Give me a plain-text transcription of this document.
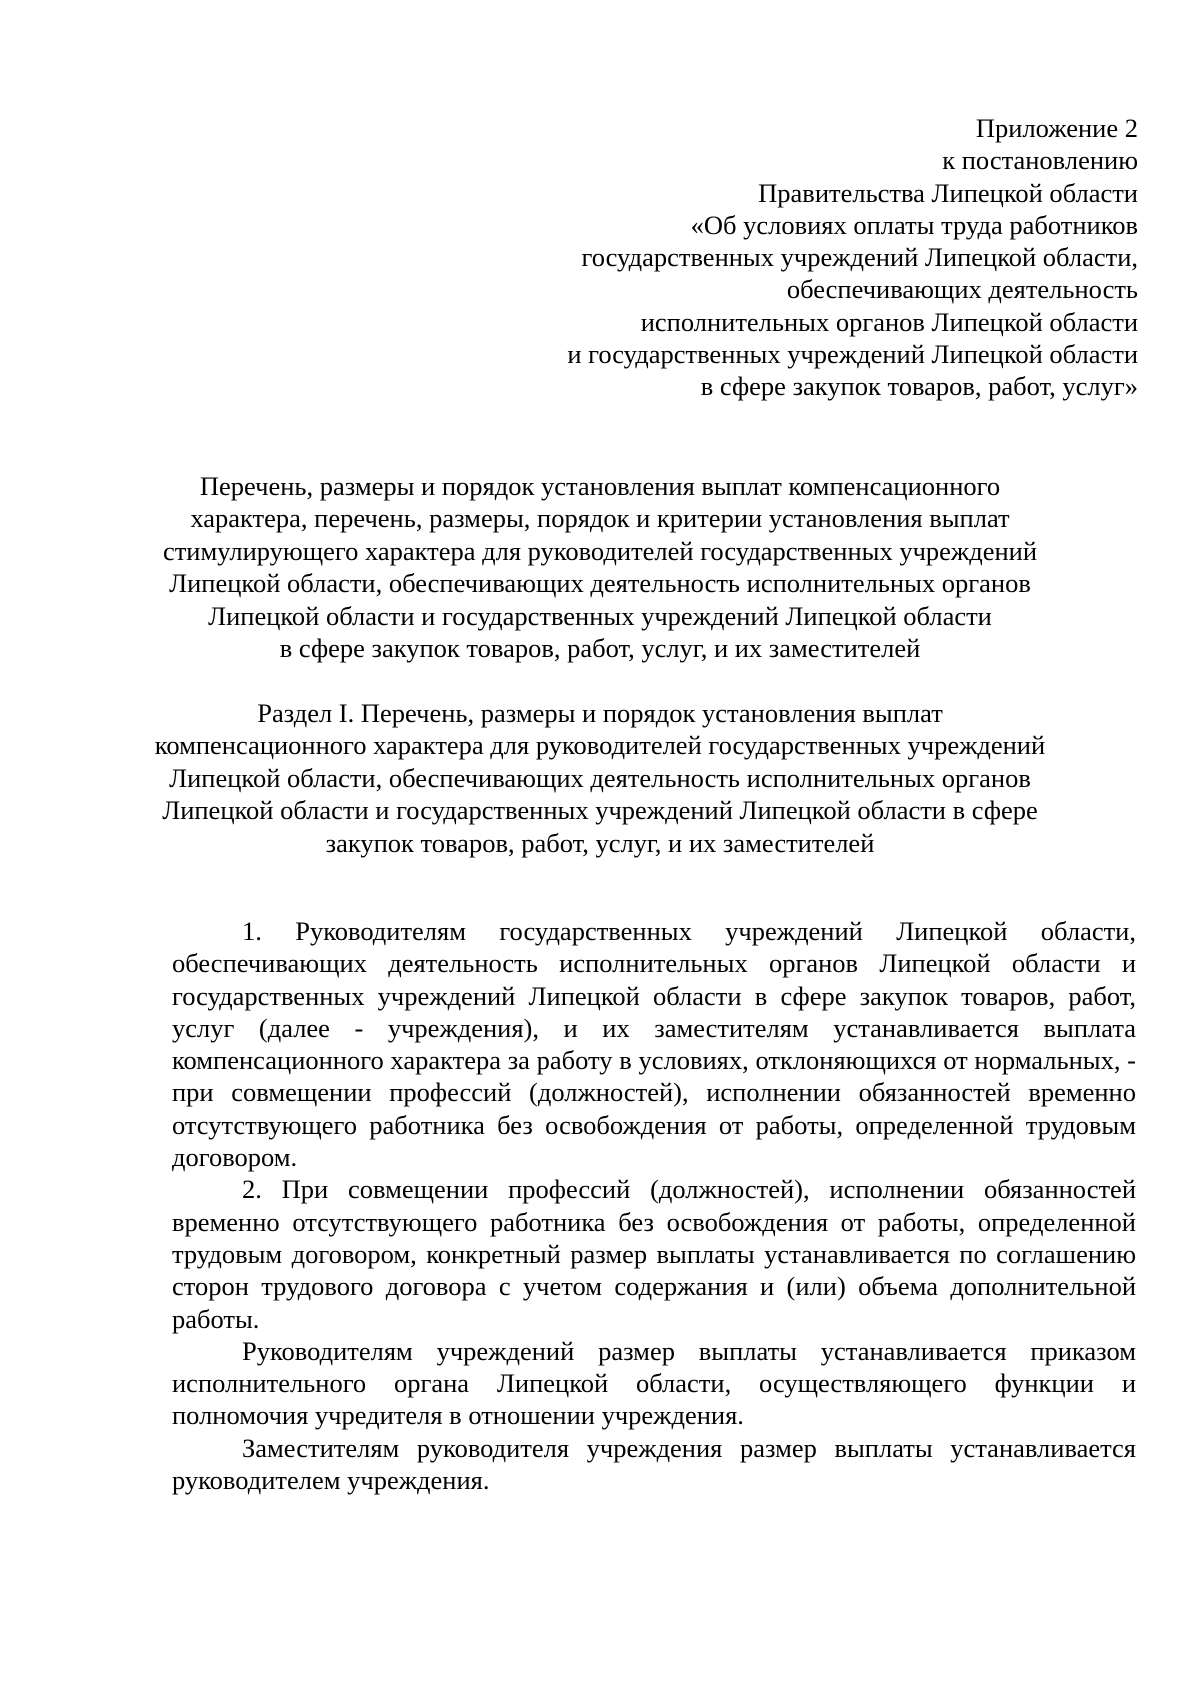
Приложение 2
к постановлению
Правительства Липецкой области
«Об условиях оплаты труда работников
государственных учреждений Липецкой области,
обеспечивающих деятельность
исполнительных органов Липецкой области
и государственных учреждений Липецкой области
в сфере закупок товаров, работ, услуг»
Перечень, размеры и порядок установления выплат компенсационного
характера, перечень, размеры, порядок и критерии установления выплат
стимулирующего характера для руководителей государственных учреждений
Липецкой области, обеспечивающих деятельность исполнительных органов
Липецкой области и государственных учреждений Липецкой области
в сфере закупок товаров, работ, услуг, и их заместителей
Раздел I. Перечень, размеры и порядок установления выплат
компенсационного характера для руководителей государственных учреждений
Липецкой области, обеспечивающих деятельность исполнительных органов
Липецкой области и государственных учреждений Липецкой области в сфере
закупок товаров, работ, услуг, и их заместителей

1. Руководителям государственных учреждений Липецкой области, обеспечивающих деятельность исполнительных органов Липецкой области и государственных учреждений Липецкой области в сфере закупок товаров, работ, услуг (далее - учреждения), и их заместителям устанавливается выплата компенсационного характера за работу в условиях, отклоняющихся от нормальных, - при совмещении профессий (должностей), исполнении обязанностей временно отсутствующего работника без освобождения от работы, определенной трудовым договором.

2. При совмещении профессий (должностей), исполнении обязанностей временно отсутствующего работника без освобождения от работы, определенной трудовым договором, конкретный размер выплаты устанавливается по соглашению сторон трудового договора с учетом содержания и (или) объема дополнительной работы.

Руководителям учреждений размер выплаты устанавливается приказом исполнительного органа Липецкой области, осуществляющего функции и полномочия учредителя в отношении учреждения.

Заместителям руководителя учреждения размер выплаты устанавливается руководителем учреждения.
